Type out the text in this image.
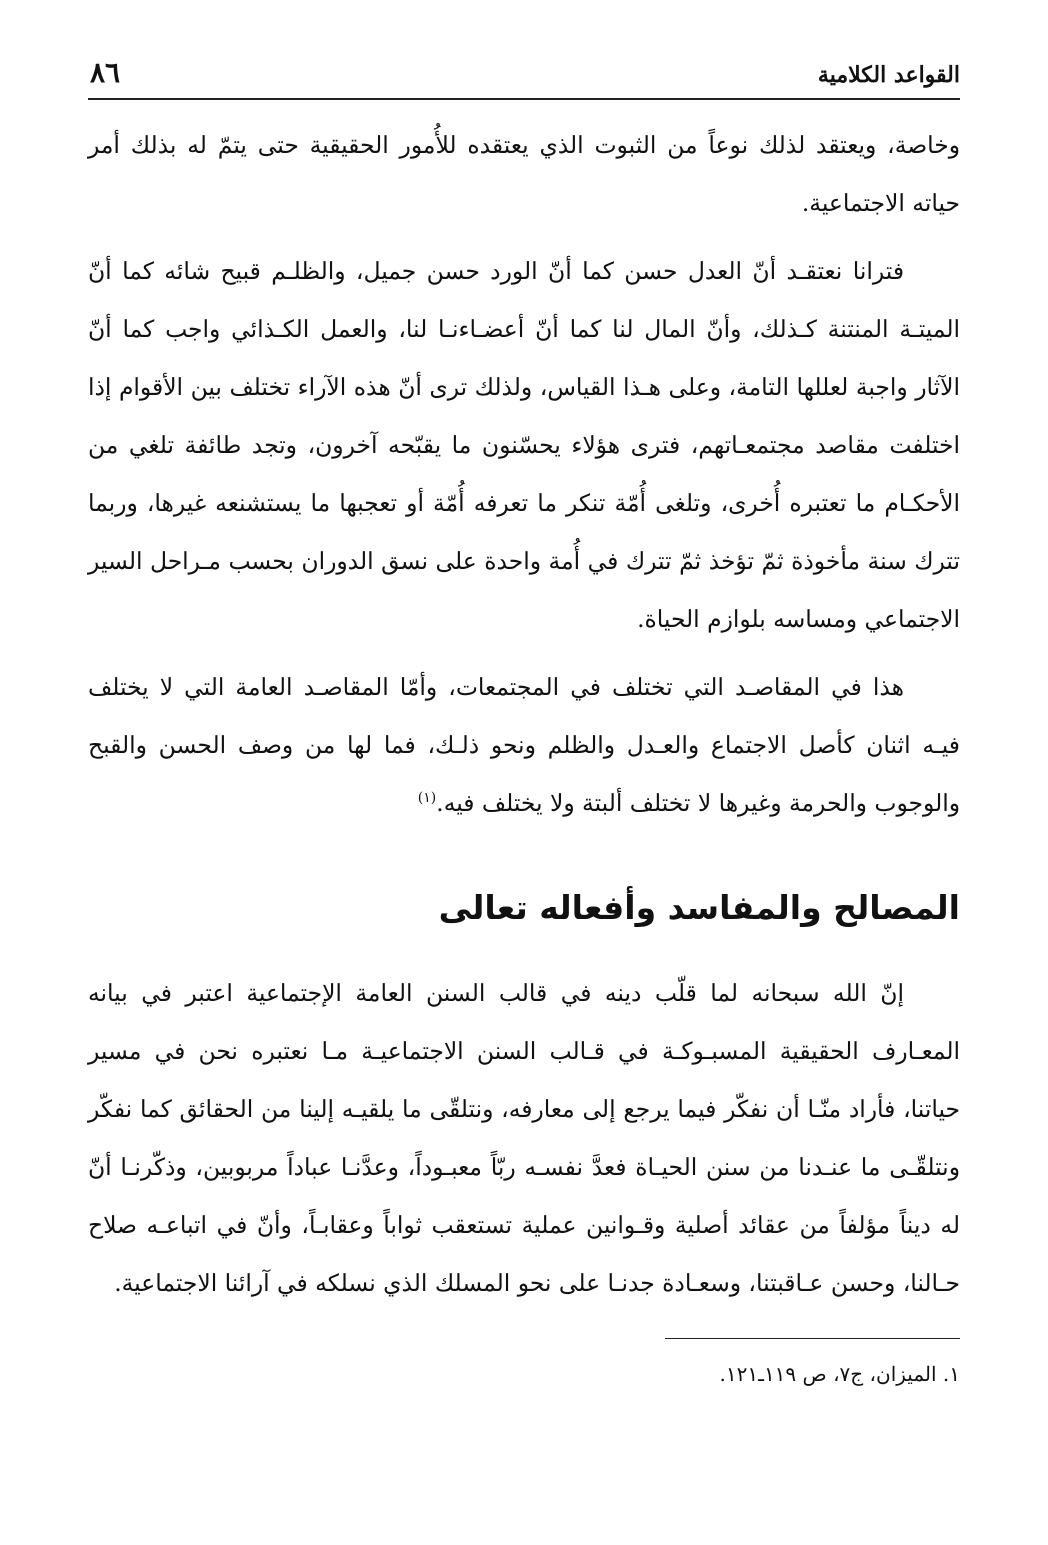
القواعد الكلامية
٨٦

وخاصة، ويعتقد لذلك نوعاً من الثبوت الذي يعتقده للأُمور الحقيقية حتى يتمّ له بذلك أمر حياته الاجتماعية.

فترانا نعتقـد أنّ العدل حسن كما أنّ الورد حسن جميل، والظلـم قبيح شائه كما أنّ الميتـة المنتنة كـذلك، وأنّ المال لنا كما أنّ أعضـاءنـا لنا، والعمل الكـذائي واجب كما أنّ الآثار واجبة لعللها التامة، وعلى هـذا القياس، ولذلك ترى أنّ هذه الآراء تختلف بين الأقوام إذا اختلفت مقاصد مجتمعـاتهم، فترى هؤلاء يحسّنون ما يقبّحه آخرون، وتجد طائفة تلغي من الأحكـام ما تعتبره أُخرى، وتلغى أُمّة تنكر ما تعرفه أُمّة أو تعجبها ما يستشنعه غيرها، وربما تترك سنة مأخوذة ثمّ تؤخذ ثمّ تترك في أُمة واحدة على نسق الدوران بحسب مـراحل السير الاجتماعي ومساسه بلوازم الحياة.

هذا في المقاصـد التي تختلف في المجتمعات، وأمّا المقاصـد العامة التي لا يختلف فيـه اثنان كأصل الاجتماع والعـدل والظلم ونحو ذلـك، فما لها من وصف الحسن والقبح والوجوب والحرمة وغيرها لا تختلف ألبتة ولا يختلف فيه.$^{(١)}$

المصالح والمفاسد وأفعاله تعالى

إنّ الله سبحانه لما قلّب دينه في قالب السنن العامة الإجتماعية اعتبر في بيانه المعـارف الحقيقية المسبـوكـة في قـالب السنن الاجتماعيـة مـا نعتبره نحن في مسير حياتنا، فأراد منّـا أن نفكّر فيما يرجع إلى معارفه، ونتلقّى ما يلقيـه إلينا من الحقائق كما نفكّر ونتلقّـى ما عنـدنا من سنن الحيـاة فعدَّ نفسـه ربّاً معبـوداً، وعدَّنـا عباداً مربوبين، وذكّرنـا أنّ له ديناً مؤلفاً من عقائد أصلية وقـوانين عملية تستعقب ثواباً وعقابـاً، وأنّ في اتباعـه صلاح حـالنا، وحسن عـاقبتنا، وسعـادة جدنـا على نحو المسلك الذي نسلكه في آرائنا الاجتماعية.

١. الميزان، ج٧، ص ١١٩ـ١٢١.
